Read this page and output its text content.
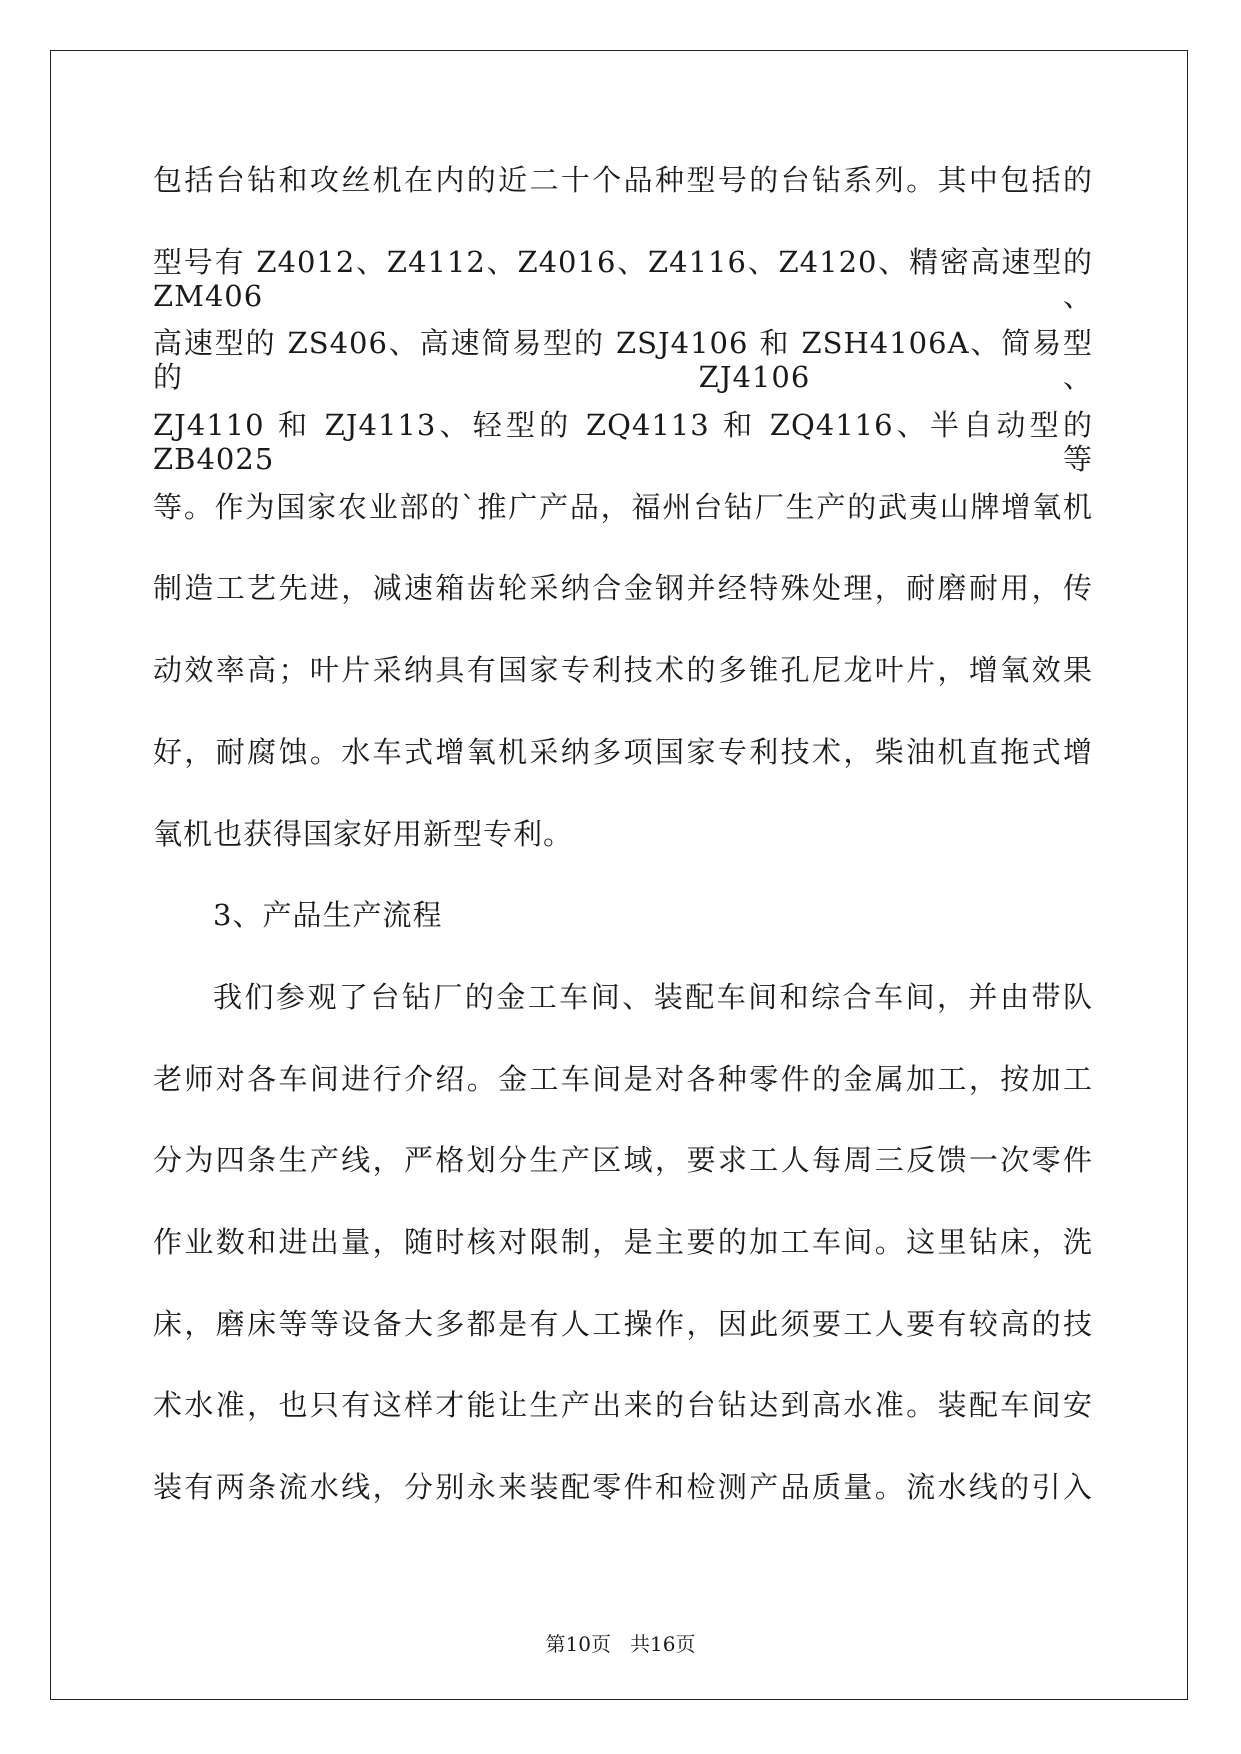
包括台钻和攻丝机在内的近二十个品种型号的台钻系列。其中包括的
型号有 Z4012、Z4112、Z4016、Z4116、Z4120、精密高速型的 ZM406、
高速型的 ZS406、高速简易型的 ZSJ4106 和 ZSH4106A、简易型的 ZJ4106、
ZJ4110 和 ZJ4113、轻型的 ZQ4113 和 ZQ4116、半自动型的 ZB4025 等
等。作为国家农业部的`推广产品，福州台钻厂生产的武夷山牌增氧机
制造工艺先进，减速箱齿轮采纳合金钢并经特殊处理，耐磨耐用，传
动效率高；叶片采纳具有国家专利技术的多锥孔尼龙叶片，增氧效果
好，耐腐蚀。水车式增氧机采纳多项国家专利技术，柴油机直拖式增
氧机也获得国家好用新型专利。
3、产品生产流程
我们参观了台钻厂的金工车间、装配车间和综合车间，并由带队
老师对各车间进行介绍。金工车间是对各种零件的金属加工，按加工
分为四条生产线，严格划分生产区域，要求工人每周三反馈一次零件
作业数和进出量，随时核对限制，是主要的加工车间。这里钻床，洗
床，磨床等等设备大多都是有人工操作，因此须要工人要有较高的技
术水准，也只有这样才能让生产出来的台钻达到高水准。装配车间安
装有两条流水线，分别永来装配零件和检测产品质量。流水线的引入
第10页 共16页
